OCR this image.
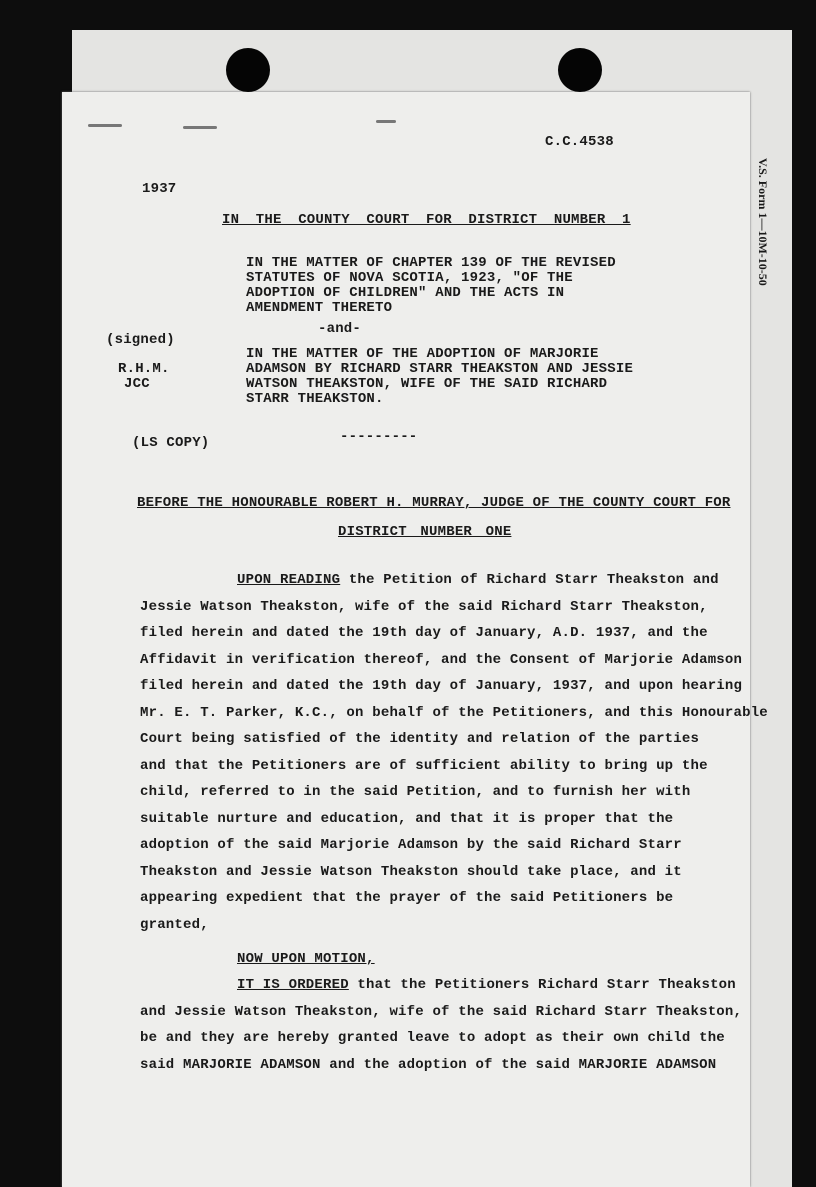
V.S. Form 1—10M-10-50
C.C.4538
1937
IN THE COUNTY COURT FOR DISTRICT NUMBER 1
IN THE MATTER OF CHAPTER 139 OF THE REVISED
STATUTES OF NOVA SCOTIA, 1923, "OF THE
ADOPTION OF CHILDREN" AND THE ACTS IN
AMENDMENT THERETO
-and-
(signed)
R.H.M.
JCC
IN THE MATTER OF THE ADOPTION OF MARJORIE
ADAMSON BY RICHARD STARR THEAKSTON AND JESSIE
WATSON THEAKSTON, WIFE OF THE SAID RICHARD
STARR THEAKSTON.
(LS COPY)	---------
BEFORE THE HONOURABLE ROBERT H. MURRAY, JUDGE OF THE COUNTY COURT FOR
DISTRICT NUMBER ONE
UPON READING the Petition of Richard Starr Theakston and
Jessie Watson Theakston, wife of the said Richard Starr Theakston,
filed herein and dated the 19th day of January, A.D. 1937, and the
Affidavit in verification thereof, and the Consent of Marjorie Adamson
filed herein and dated the 19th day of January, 1937, and upon hearing
Mr. E. T. Parker, K.C., on behalf of the Petitioners, and this Honourable
Court being satisfied of the identity and relation of the parties
and that the Petitioners are of sufficient ability to bring up the
child, referred to in the said Petition, and to furnish her with
suitable nurture and education, and that it is proper that the
adoption of the said Marjorie Adamson by the said Richard Starr
Theakston and Jessie Watson Theakston should take place, and it
appearing expedient that the prayer of the said Petitioners be
granted,
NOW UPON MOTION,
IT IS ORDERED that the Petitioners Richard Starr Theakston
and Jessie Watson Theakston, wife of the said Richard Starr Theakston,
be and they are hereby granted leave to adopt as their own child the
said MARJORIE ADAMSON and the adoption of the said MARJORIE ADAMSON
